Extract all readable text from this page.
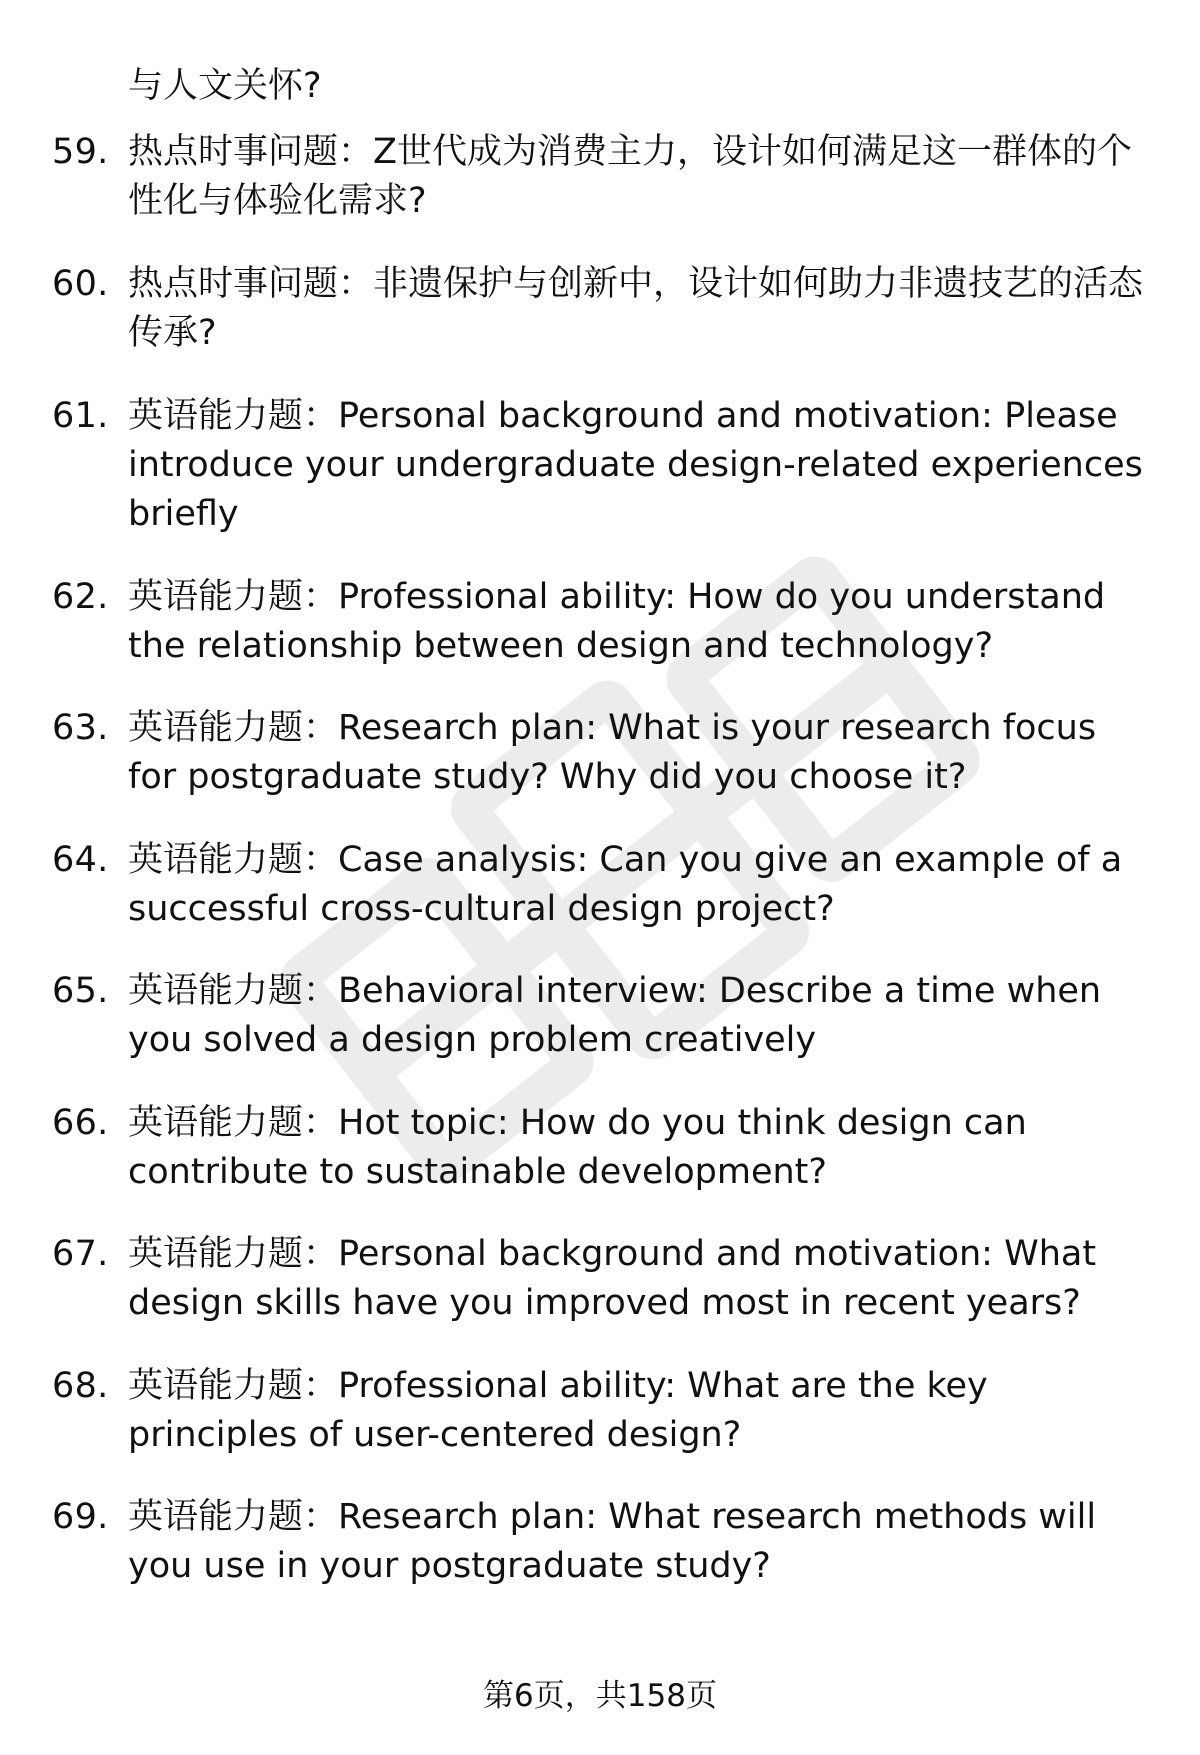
与人文关怀?
59. 热点时事问题：Z世代成为消费主力，设计如何满足这一群体的个性化与体验化需求?
60. 热点时事问题：非遗保护与创新中，设计如何助力非遗技艺的活态传承?
61. 英语能力题：Personal background and motivation: Please introduce your undergraduate design-related experiences briefly
62. 英语能力题：Professional ability: How do you understand the relationship between design and technology?
63. 英语能力题：Research plan: What is your research focus for postgraduate study? Why did you choose it?
64. 英语能力题：Case analysis: Can you give an example of a successful cross-cultural design project?
65. 英语能力题：Behavioral interview: Describe a time when you solved a design problem creatively
66. 英语能力题：Hot topic: How do you think design can contribute to sustainable development?
67. 英语能力题：Personal background and motivation: What design skills have you improved most in recent years?
68. 英语能力题：Professional ability: What are the key principles of user-centered design?
69. 英语能力题：Research plan: What research methods will you use in your postgraduate study?
第6页，共158页
